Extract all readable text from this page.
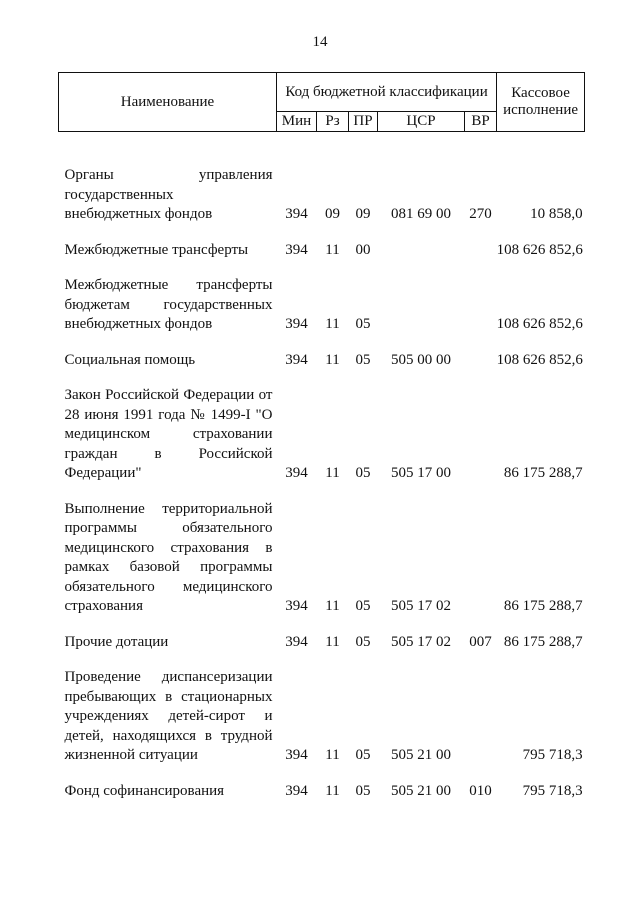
14
Наименование	Код бюджетной классификации					Кассовое исполнение
	Мин	Рз	ПР	ЦСР	ВР	

Органы управления государственных внебюджетных фондов	394	09	09	081 69 00	270	10 858,0
Межбюджетные трансферты	394	11	00			108 626 852,6
Межбюджетные трансферты бюджетам государственных внебюджетных фондов	394	11	05			108 626 852,6
Социальная помощь	394	11	05	505 00 00		108 626 852,6
Закон Российской Федерации от 28 июня 1991 года № 1499-I "О медицинском страховании граждан в Российской Федерации"	394	11	05	505 17 00		86 175 288,7
Выполнение территориальной программы обязательного медицинского страхования в рамках базовой программы обязательного медицинского страхования	394	11	05	505 17 02		86 175 288,7
Прочие дотации	394	11	05	505 17 02	007	86 175 288,7
Проведение диспансеризации пребывающих в стационарных учреждениях детей-сирот и детей, находящихся в трудной жизненной ситуации	394	11	05	505 21 00		795 718,3
Фонд софинансирования	394	11	05	505 21 00	010	795 718,3
